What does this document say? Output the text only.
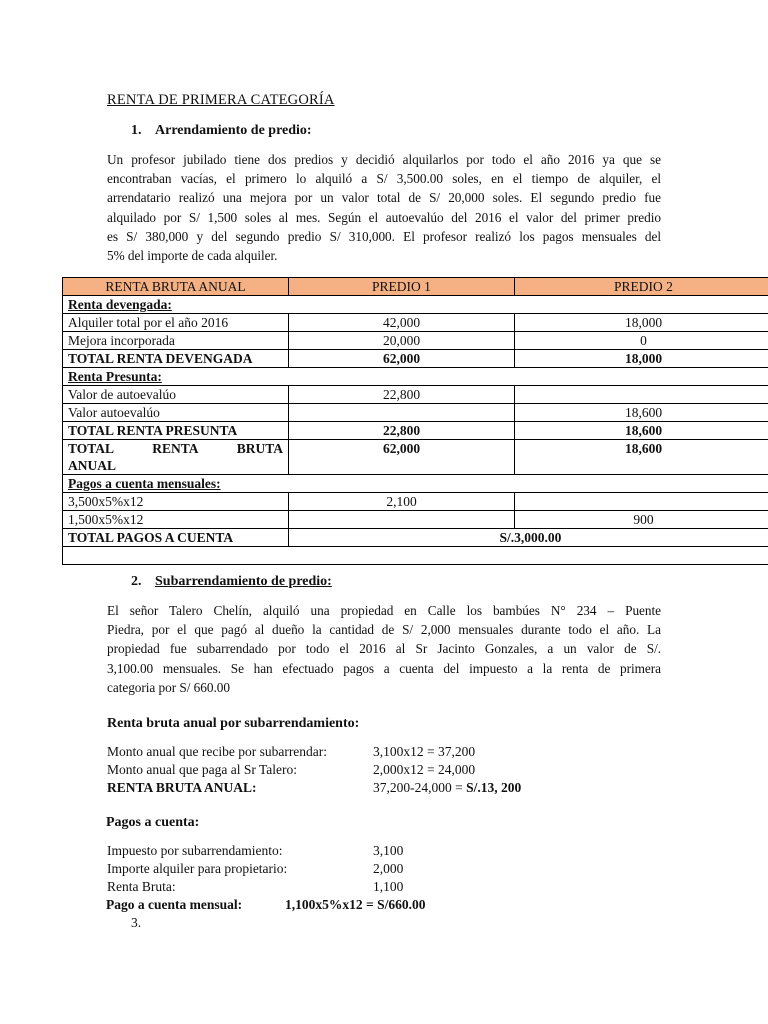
RENTA DE PRIMERA CATEGORÍA
1. Arrendamiento de predio:
Un profesor jubilado tiene dos predios y decidió alquilarlos por todo el año 2016 ya que se
encontraban vacías, el primero lo alquiló a S/ 3,500.00 soles, en el tiempo de alquiler, el
arrendatario realizó una mejora por un valor total de S/ 20,000 soles. El segundo predio fue
alquilado por S/ 1,500 soles al mes. Según el autoevalúo del 2016 el valor del primer predio
es S/ 380,000 y del segundo predio S/ 310,000. El profesor realizó los pagos mensuales del
5% del importe de cada alquiler.
RENTA BRUTA ANUAL	PREDIO 1	PREDIO 2
Renta devengada:		
Alquiler total por el año 2016	42,000	18,000
Mejora incorporada	20,000	0
TOTAL RENTA DEVENGADA	62,000	18,000
Renta Presunta:		
Valor de autoevalúo	22,800	
Valor autoevalúo		18,600
TOTAL RENTA PRESUNTA	22,800	18,600

TOTAL RENTA BRUTA
ANUAL	62,000	18,600
Pagos a cuenta mensuales:		
3,500x5%x12	2,100	
1,500x5%x12		900
TOTAL PAGOS A CUENTA	S/.3,000.00	

2. Subarrendamiento de predio:
El señor Talero Chelín, alquiló una propiedad en Calle los bambúes N° 234 – Puente
Piedra, por el que pagó al dueño la cantidad de S/ 2,000 mensuales durante todo el año. La
propiedad fue subarrendado por todo el 2016 al Sr Jacinto Gonzales, a un valor de S/.
3,100.00 mensuales. Se han efectuado pagos a cuenta del impuesto a la renta de primera
categoria por S/ 660.00
Renta bruta anual por subarrendamiento:
Monto anual que recibe por subarrendar:	3,100x12 = 37,200
Monto anual que paga al Sr Talero:	2,000x12 = 24,000
RENTA BRUTA ANUAL:	37,200-24,000 = S/.13, 200
Pagos a cuenta:
Impuesto por subarrendamiento:	3,100
Importe alquiler para propietario:	2,000
Renta Bruta:	1,100
Pago a cuenta mensual:	1,100x5%x12 = S/660.00
3.
